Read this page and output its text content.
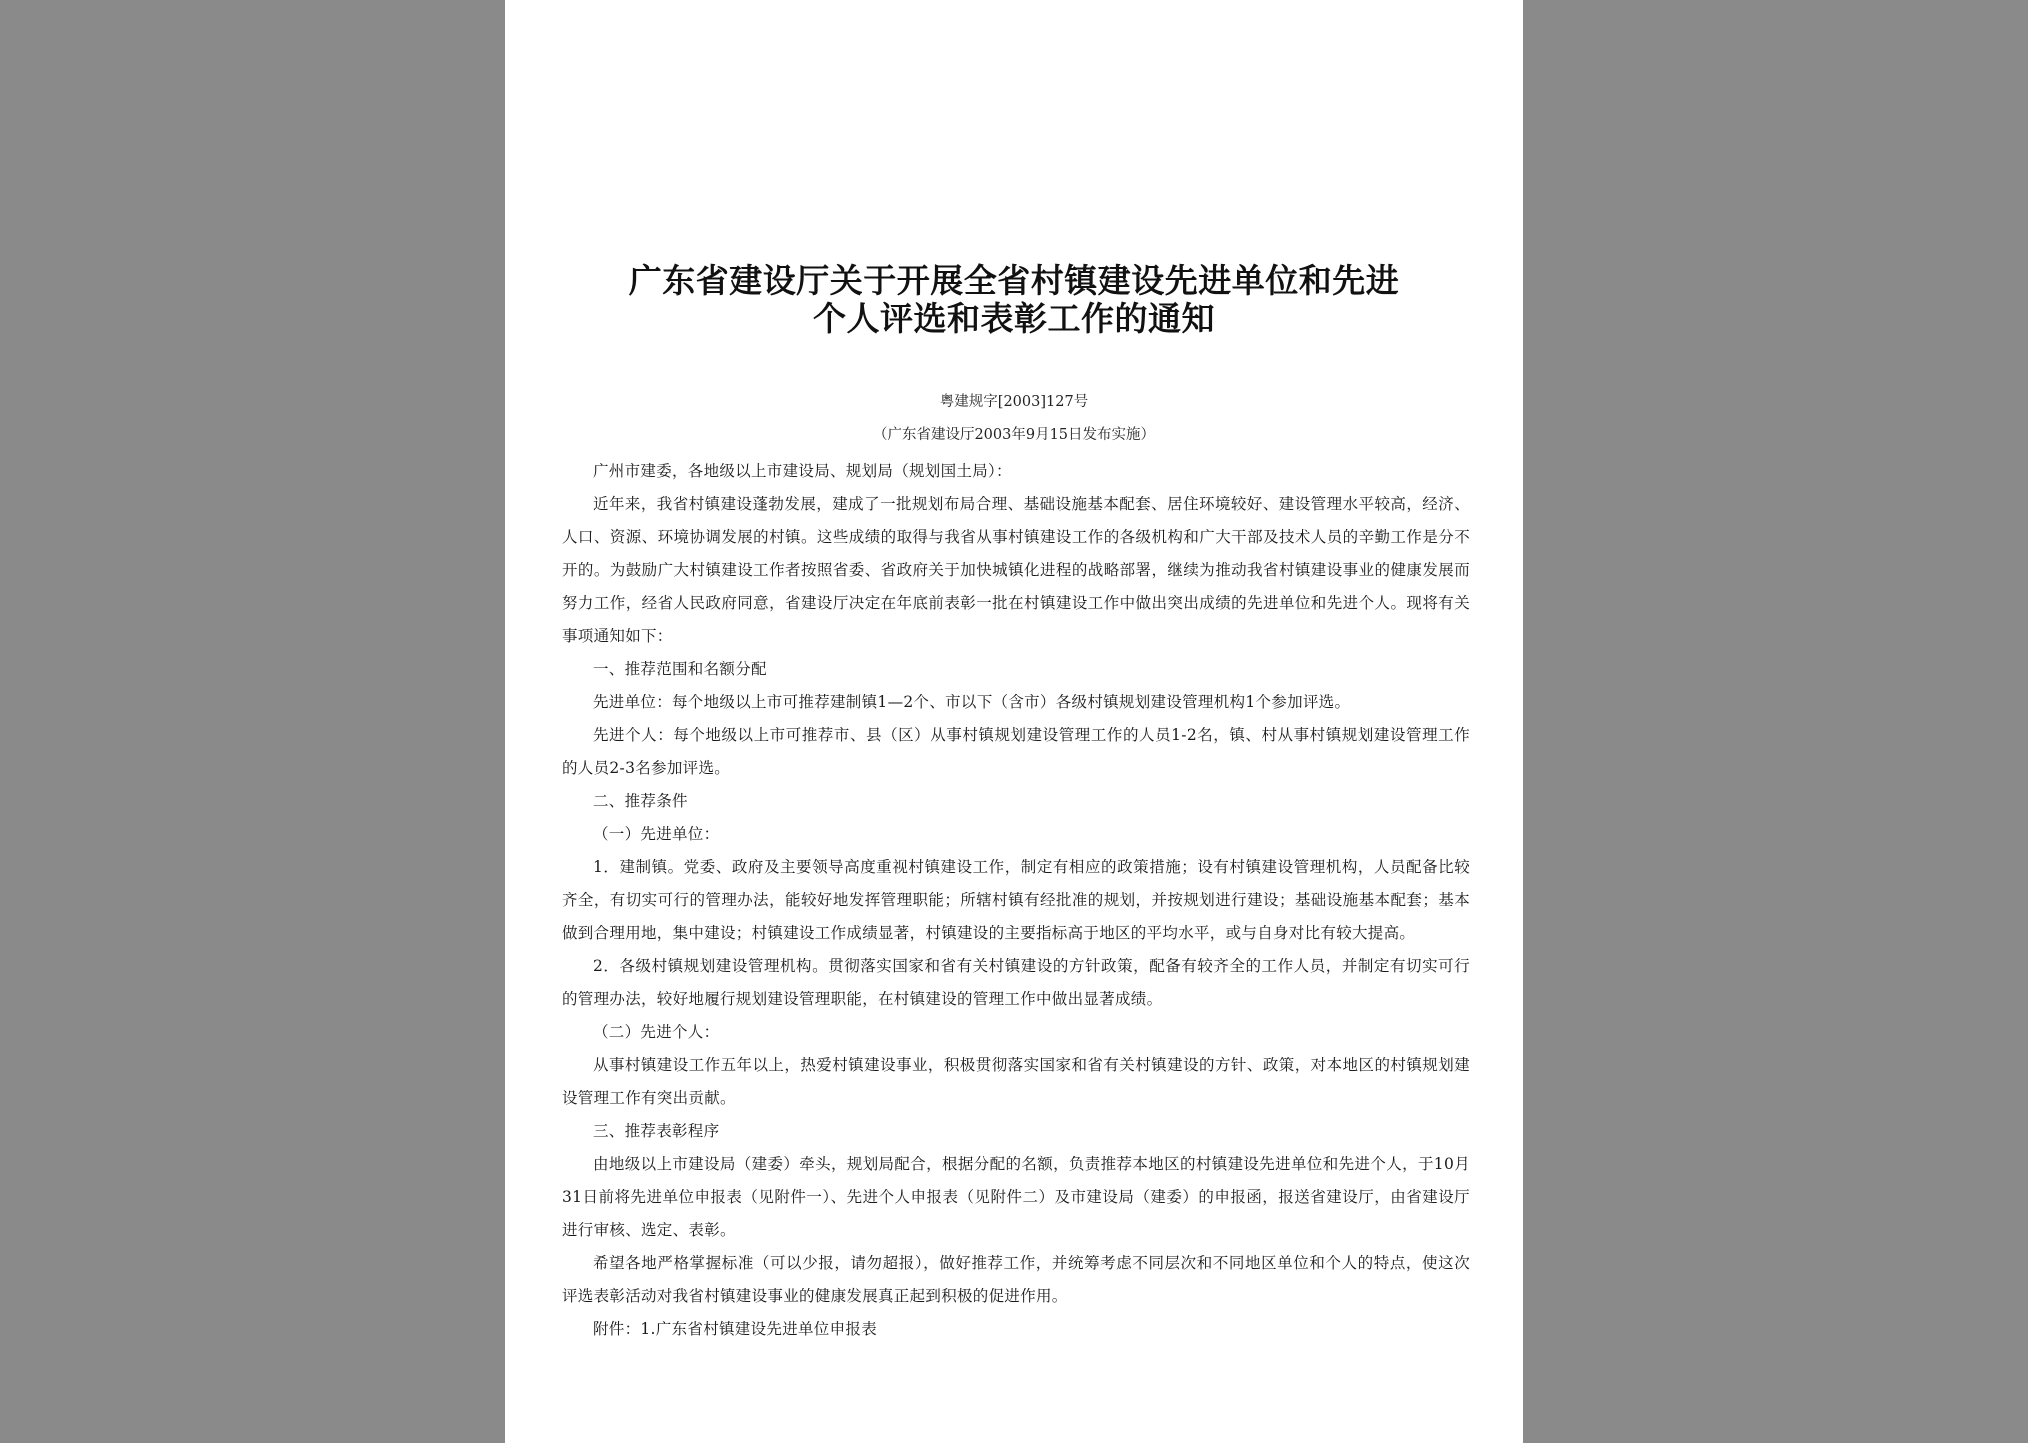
广东省建设厅关于开展全省村镇建设先进单位和先进
个人评选和表彰工作的通知
粤建规字[2003]127号
（广东省建设厅2003年9月15日发布实施）

广州市建委，各地级以上市建设局、规划局（规划国土局）：

近年来，我省村镇建设蓬勃发展，建成了一批规划布局合理、基础设施基本配套、居住环境较好、建设管理水平较高，经济、人口、资源、环境协调发展的村镇。这些成绩的取得与我省从事村镇建设工作的各级机构和广大干部及技术人员的辛勤工作是分不开的。为鼓励广大村镇建设工作者按照省委、省政府关于加快城镇化进程的战略部署，继续为推动我省村镇建设事业的健康发展而努力工作，经省人民政府同意，省建设厅决定在年底前表彰一批在村镇建设工作中做出突出成绩的先进单位和先进个人。现将有关事项通知如下：

一、推荐范围和名额分配

先进单位：每个地级以上市可推荐建制镇1—2个、市以下（含市）各级村镇规划建设管理机构1个参加评选。

先进个人：每个地级以上市可推荐市、县（区）从事村镇规划建设管理工作的人员1-2名，镇、村从事村镇规划建设管理工作的人员2-3名参加评选。

二、推荐条件

（一）先进单位：

1．建制镇。党委、政府及主要领导高度重视村镇建设工作，制定有相应的政策措施；设有村镇建设管理机构，人员配备比较齐全，有切实可行的管理办法，能较好地发挥管理职能；所辖村镇有经批准的规划，并按规划进行建设；基础设施基本配套；基本做到合理用地，集中建设；村镇建设工作成绩显著，村镇建设的主要指标高于地区的平均水平，或与自身对比有较大提高。

2．各级村镇规划建设管理机构。贯彻落实国家和省有关村镇建设的方针政策，配备有较齐全的工作人员，并制定有切实可行的管理办法，较好地履行规划建设管理职能，在村镇建设的管理工作中做出显著成绩。

（二）先进个人：

从事村镇建设工作五年以上，热爱村镇建设事业，积极贯彻落实国家和省有关村镇建设的方针、政策，对本地区的村镇规划建设管理工作有突出贡献。

三、推荐表彰程序

由地级以上市建设局（建委）牵头，规划局配合，根据分配的名额，负责推荐本地区的村镇建设先进单位和先进个人，于10月31日前将先进单位申报表（见附件一）、先进个人申报表（见附件二）及市建设局（建委）的申报函，报送省建设厅，由省建设厅进行审核、选定、表彰。

希望各地严格掌握标准（可以少报，请勿超报），做好推荐工作，并统筹考虑不同层次和不同地区单位和个人的特点，使这次评选表彰活动对我省村镇建设事业的健康发展真正起到积极的促进作用。

附件：1.广东省村镇建设先进单位申报表
